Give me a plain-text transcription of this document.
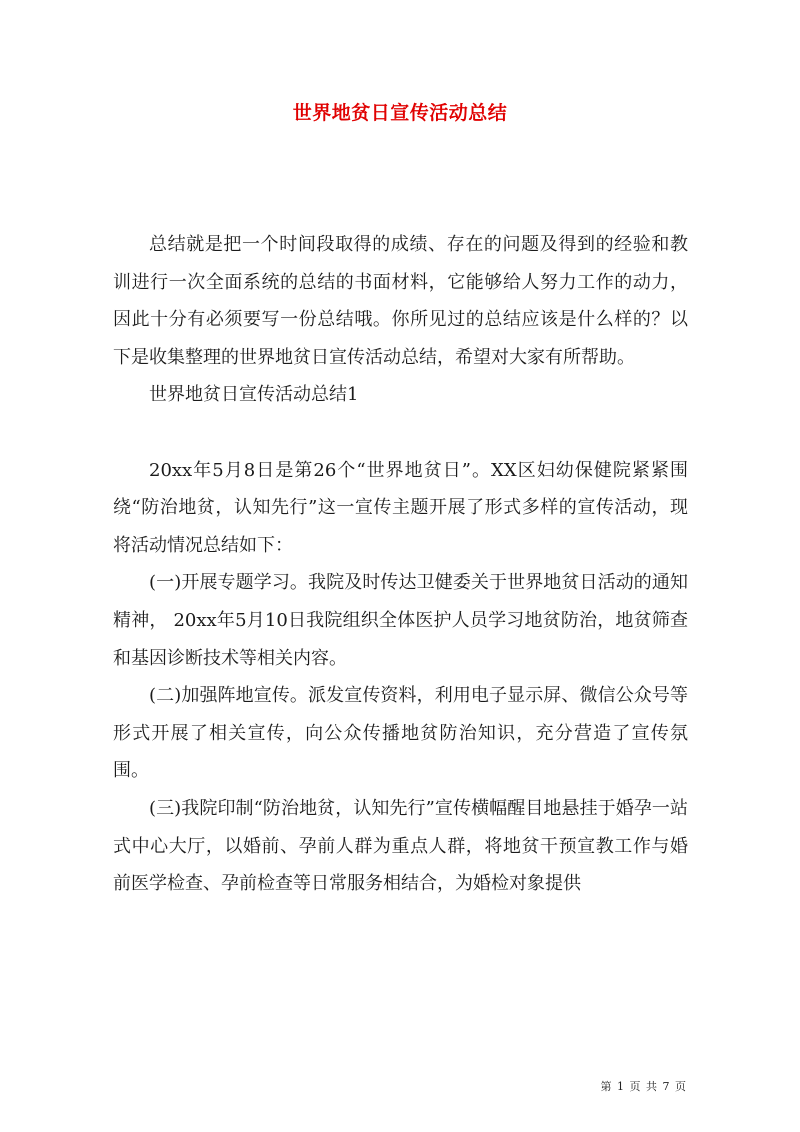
世界地贫日宣传活动总结

总结就是把一个时间段取得的成绩、存在的问题及得到的经验和教训进行一次全面系统的总结的书面材料，它能够给人努力工作的动力，因此十分有必须要写一份总结哦。你所见过的总结应该是什么样的？以下是收集整理的世界地贫日宣传活动总结，希望对大家有所帮助。

世界地贫日宣传活动总结1

20xx年5月8日是第26个“世界地贫日”。XX区妇幼保健院紧紧围绕“防治地贫，认知先行”这一宣传主题开展了形式多样的宣传活动，现将活动情况总结如下：

(一)开展专题学习。我院及时传达卫健委关于世界地贫日活动的通知精神， 20xx年5月10日我院组织全体医护人员学习地贫防治，地贫筛查和基因诊断技术等相关内容。

(二)加强阵地宣传。派发宣传资料，利用电子显示屏、微信公众号等形式开展了相关宣传，向公众传播地贫防治知识，充分营造了宣传氛围。

(三)我院印制“防治地贫，认知先行”宣传横幅醒目地悬挂于婚孕一站式中心大厅，以婚前、孕前人群为重点人群，将地贫干预宣教工作与婚前医学检查、孕前检查等日常服务相结合，为婚检对象提供

第 1 页 共 7 页
